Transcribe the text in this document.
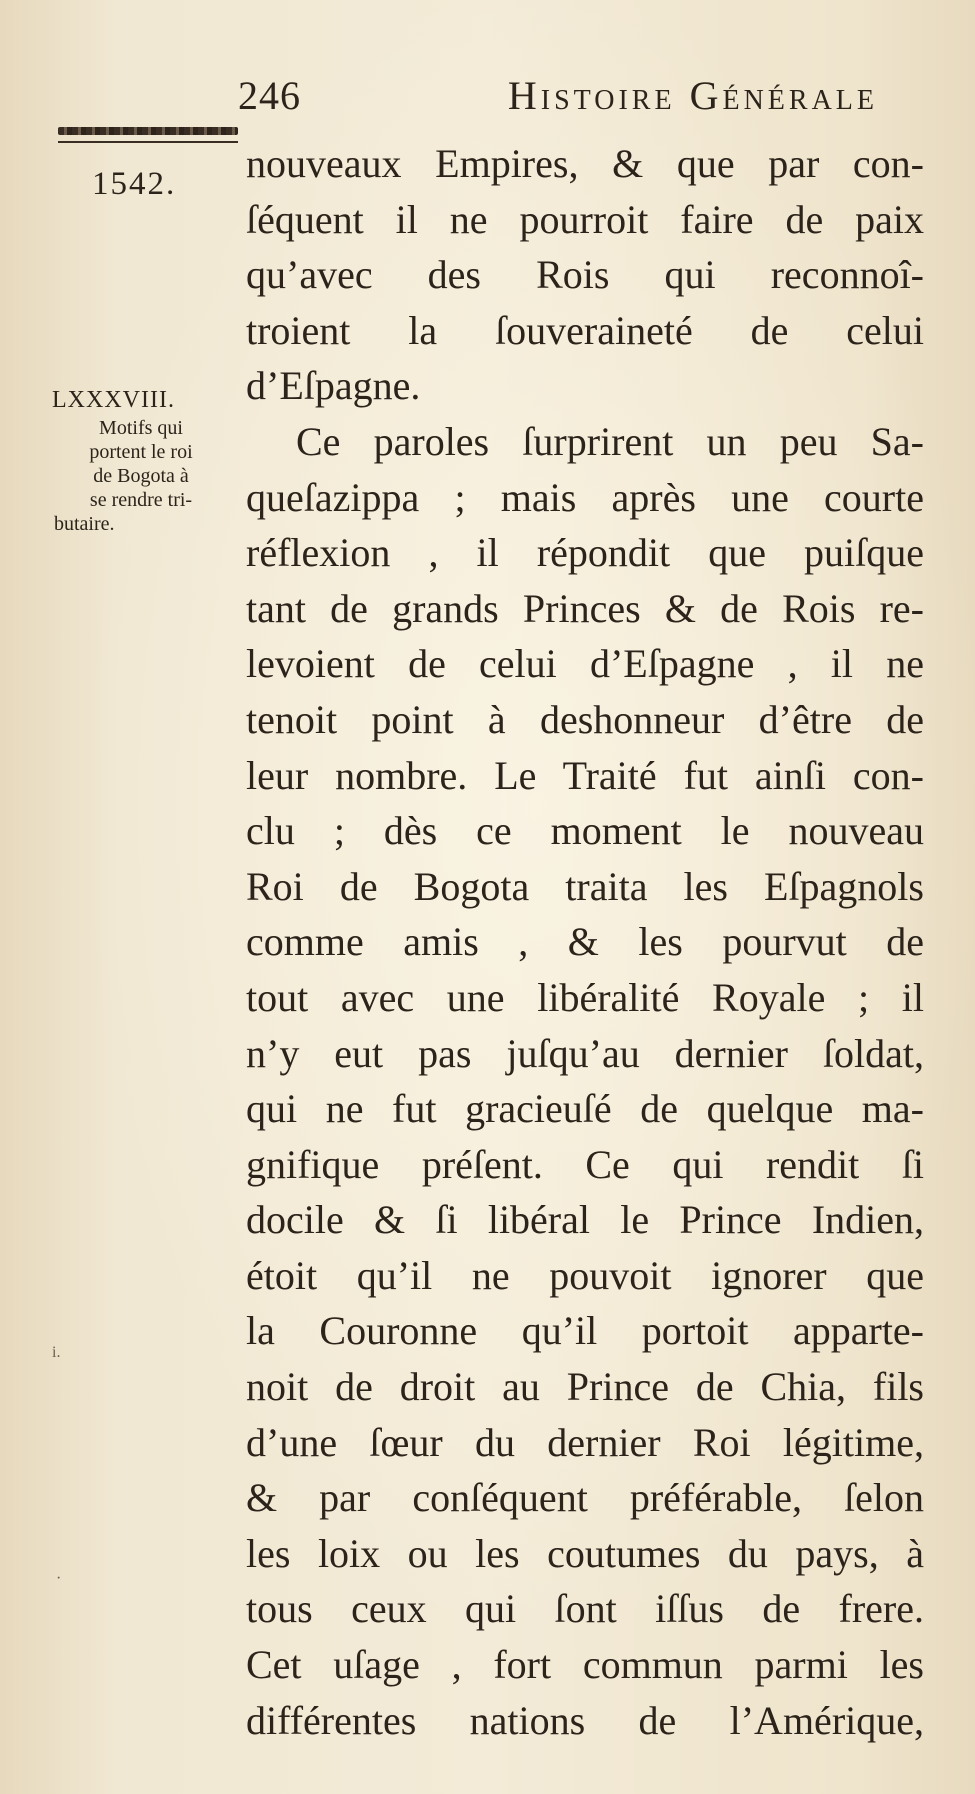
246	Histoire Générale
1542.
LXXXVIII.
Motifs qui
portent le roi
de Bogota à
se rendre tri-
butaire.
nouveaux Empires, & que par con-
ſéquent il ne pourroit faire de paix
qu’avec des Rois qui reconnoî-
troient la ſouveraineté de celui
d’Eſpagne.
Ce paroles ſurprirent un peu Sa-
queſazippa ; mais après une courte
réflexion , il répondit que puiſque
tant de grands Princes & de Rois re-
levoient de celui d’Eſpagne , il ne
tenoit point à deshonneur d’être de
leur nombre. Le Traité fut ainſi con-
clu ; dès ce moment le nouveau
Roi de Bogota traita les Eſpagnols
comme amis , & les pourvut de
tout avec une libéralité Royale ; il
n’y eut pas juſqu’au dernier ſoldat,
qui ne fut gracieuſé de quelque ma-
gnifique préſent. Ce qui rendit ſi
docile & ſi libéral le Prince Indien,
étoit qu’il ne pouvoit ignorer que
la Couronne qu’il portoit apparte-
noit de droit au Prince de Chia, fils
d’une ſœur du dernier Roi légitime,
& par conſéquent préférable, ſelon
les loix ou les coutumes du pays, à
tous ceux qui ſont iſſus de frere.
Cet uſage , fort commun parmi les
différentes nations de l’Amérique,
i.
·
